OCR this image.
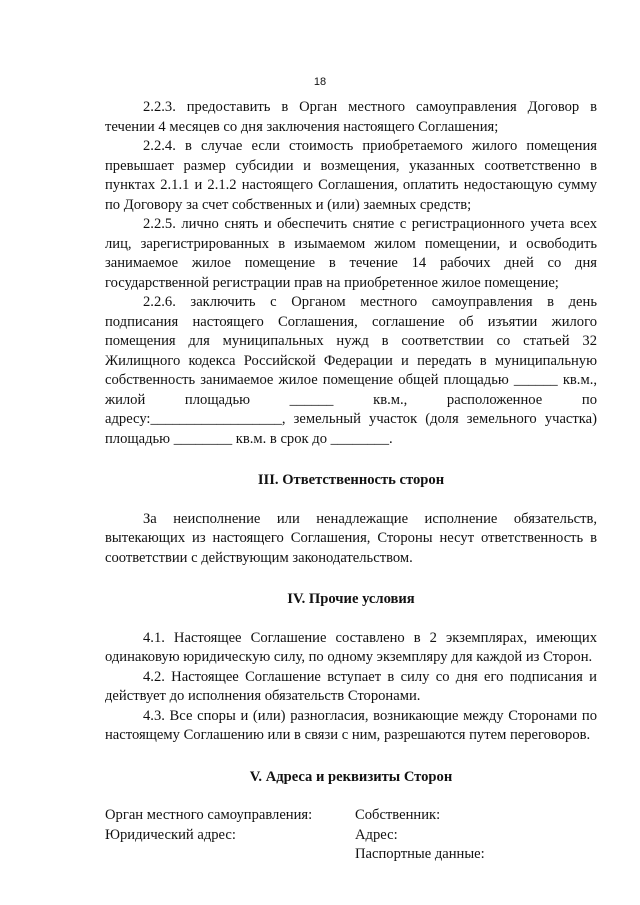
18

2.2.3. предоставить в Орган местного самоуправления Договор в течении 4 месяцев со дня заключения настоящего Соглашения;

2.2.4. в случае если стоимость приобретаемого жилого помещения превышает размер субсидии и возмещения, указанных соответственно в пунктах 2.1.1 и 2.1.2 настоящего Соглашения, оплатить недостающую сумму по Договору за счет собственных и (или) заемных средств;

2.2.5. лично снять и обеспечить снятие с регистрационного учета всех лиц, зарегистрированных в изымаемом жилом помещении, и освободить занимаемое жилое помещение в течение 14 рабочих дней со дня государственной регистрации прав на приобретенное жилое помещение;

2.2.6. заключить с Органом местного самоуправления в день подписания настоящего Соглашения, соглашение об изъятии жилого помещения для муниципальных нужд в соответствии со статьей 32 Жилищного кодекса Российской Федерации и передать в муниципальную собственность занимаемое жилое помещение общей площадью ______ кв.м., жилой площадью ______ кв.м., расположенное по адресу:__________________, земельный участок (доля земельного участка) площадью ________ кв.м. в срок до ________.

III. Ответственность сторон

За неисполнение или ненадлежащие исполнение обязательств, вытекающих из настоящего Соглашения, Стороны несут ответственность в соответствии с действующим законодательством.

IV. Прочие условия

4.1. Настоящее Соглашение составлено в 2 экземплярах, имеющих одинаковую юридическую силу, по одному экземпляру для каждой из Сторон.

4.2. Настоящее Соглашение вступает в силу со дня его подписания и действует до исполнения обязательств Сторонами.

4.3. Все споры и (или) разногласия, возникающие между Сторонами по настоящему Соглашению или в связи с ним, разрешаются путем переговоров.

V. Адреса и реквизиты Сторон

Орган местного самоуправления:

Юридический адрес:

Собственник:

Адрес:

Паспортные данные:
